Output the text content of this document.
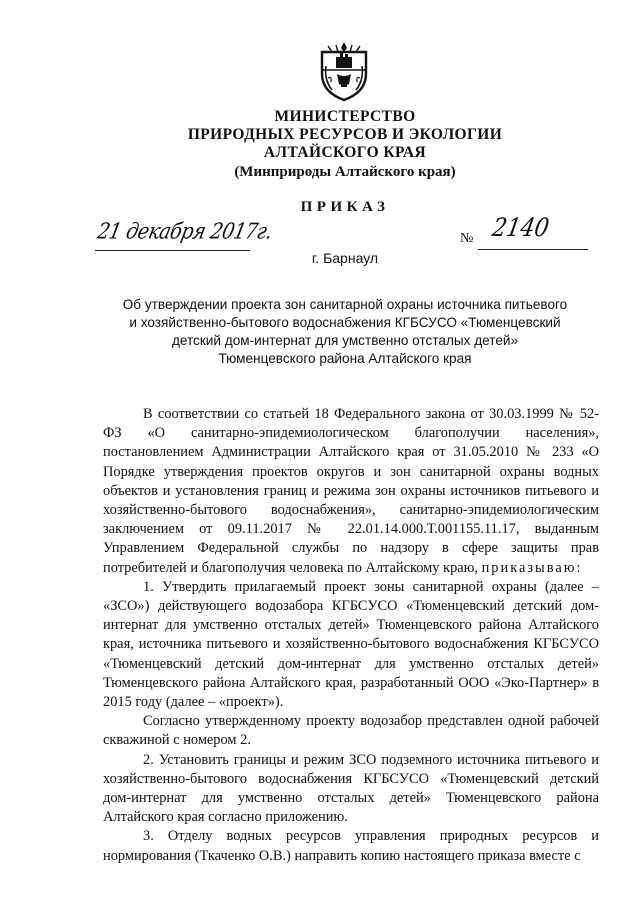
МИНИСТЕРСТВО
ПРИРОДНЫХ РЕСУРСОВ И ЭКОЛОГИИ
АЛТАЙСКОГО КРАЯ
(Минприроды Алтайского края)
ПРИКАЗ
21 декабря 2017г.	№ 2140
г. Барнаул
Об утверждении проекта зон санитарной охраны источника питьевого
и хозяйственно-бытового водоснабжения КГБСУСО «Тюменцевский
детский дом-интернат для умственно отсталых детей»
Тюменцевского района Алтайского края

В соответствии со статьей 18 Федерального закона от 30.03.1999 № 52-ФЗ «О санитарно-эпидемиологическом благополучии населения», постановлением Администрации Алтайского края от 31.05.2010 № 233 «О Порядке утверждения проектов округов и зон санитарной охраны водных объектов и установления границ и режима зон охраны источников питьевого и хозяйственно-бытового водоснабжения», санитарно-эпидемиологическим заключением от 09.11.2017 № 22.01.14.000.Т.001155.11.17, выданным Управлением Федеральной службы по надзору в сфере защиты прав потребителей и благополучия человека по Алтайскому краю, приказываю:

1. Утвердить прилагаемый проект зоны санитарной охраны (далее – «ЗСО») действующего водозабора КГБСУСО «Тюменцевский детский дом-интернат для умственно отсталых детей» Тюменцевского района Алтайского края, источника питьевого и хозяйственно-бытового водоснабжения КГБСУСО «Тюменцевский детский дом-интернат для умственно отсталых детей» Тюменцевского района Алтайского края, разработанный ООО «Эко-Партнер» в 2015 году (далее – «проект»).

Согласно утвержденному проекту водозабор представлен одной рабочей скважиной с номером 2.

2. Установить границы и режим ЗСО подземного источника питьевого и хозяйственно-бытового водоснабжения КГБСУСО «Тюменцевский детский дом-интернат для умственно отсталых детей» Тюменцевского района Алтайского края согласно приложению.

3. Отделу водных ресурсов управления природных ресурсов и нормирования (Ткаченко О.В.) направить копию настоящего приказа вместе с
